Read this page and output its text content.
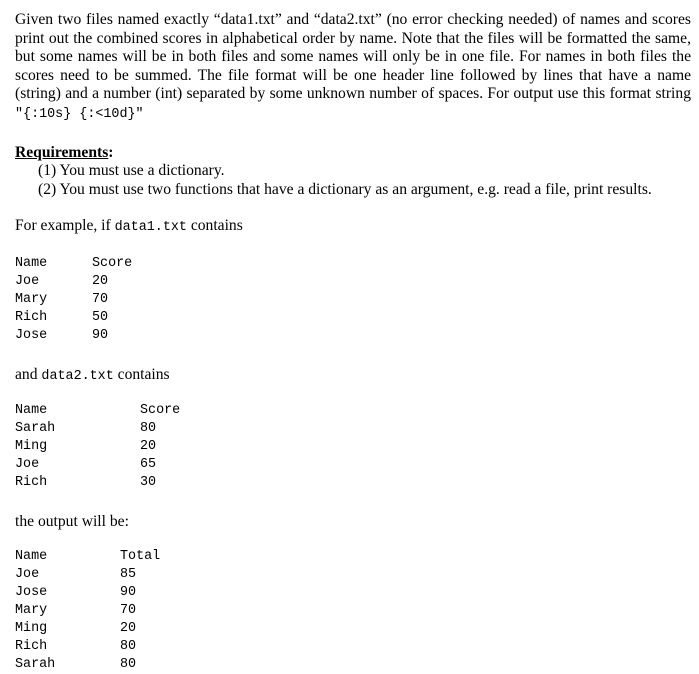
Given two files named exactly “data1.txt” and “data2.txt” (no error checking needed) of names and scores print out the combined scores in alphabetical order by name. Note that the files will be formatted the same, but some names will be in both files and some names will only be in one file. For names in both files the scores need to be summed. The file format will be one header line followed by lines that have a name (string) and a number (int) separated by some unknown number of spaces. For output use this format string "{:10s} {:<10d}"
Requirements:
(1) You must use a dictionary.
(2) You must use two functions that have a dictionary as an argument, e.g. read a file, print results.
For example, if data1.txt contains
Name	Score
Joe	20
Mary	70
Rich	50
Jose	90
and data2.txt contains
Name	Score
Sarah	80
Ming	20
Joe	65
Rich	30
the output will be:
Name	Total
Joe	85
Jose	90
Mary	70
Ming	20
Rich	80
Sarah	80
